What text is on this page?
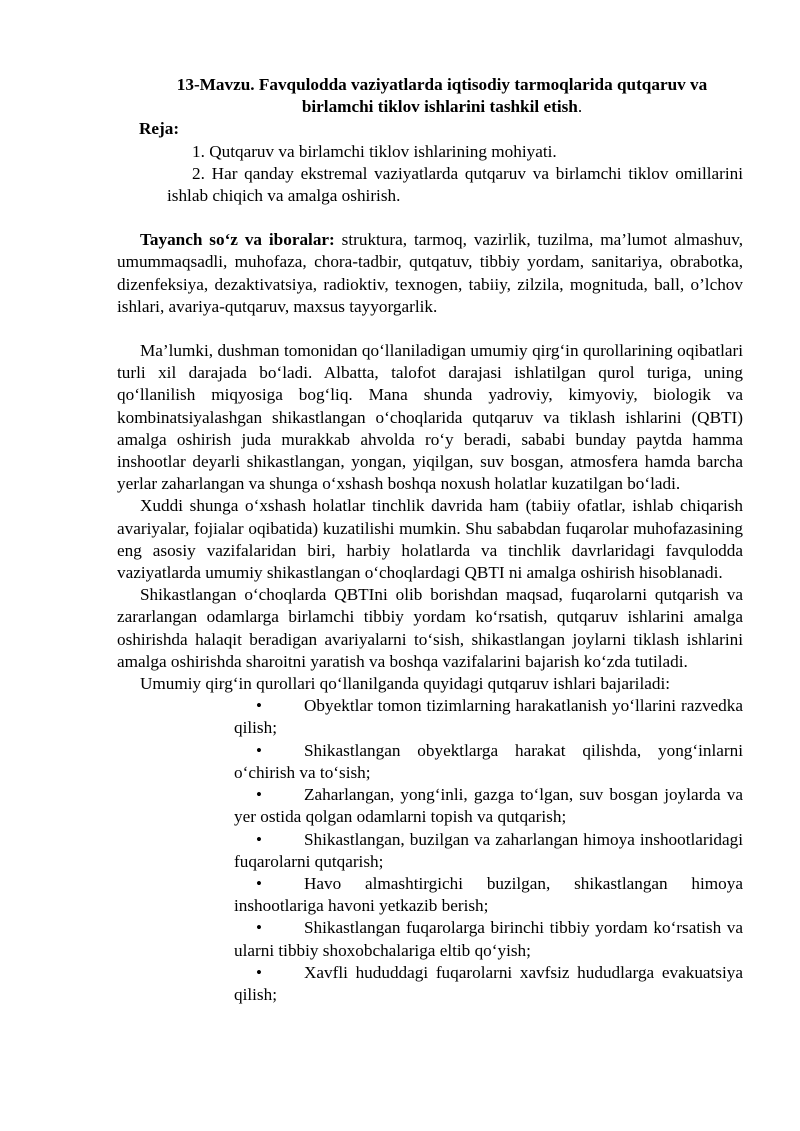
13-Mavzu. Favqulodda vaziyatlarda iqtisodiy tarmoqlarida qutqaruv va birlamchi tiklov ishlarini tashkil etish.

Reja:

1. Qutqaruv va birlamchi tiklov ishlarining mohiyati.

2. Har qanday ekstremal vaziyatlarda qutqaruv va birlamchi tiklov omillarini ishlab chiqich va amalga oshirish.

Tayanch so‘z va iboralar: struktura, tarmoq, vazirlik, tuzilma, ma’lumot almashuv, umummaqsadli, muhofaza, chora-tadbir, qutqatuv, tibbiy yordam, sanitariya, obrabotka, dizenfeksiya, dezaktivatsiya, radioktiv, texnogen, tabiiy, zilzila, mognituda, ball, o’lchov ishlari, avariya-qutqaruv, maxsus tayyorgarlik.

Ma’lumki, dushman tomonidan qo‘llaniladigan umumiy qirg‘in qurollarining oqibatlari turli xil darajada bo‘ladi. Albatta, talofot darajasi ishlatilgan qurol turiga, uning qo‘llanilish miqyosiga bog‘liq. Mana shunda yadroviy, kimyoviy, biologik va kombinatsiyalashgan shikastlangan o‘choqlarida qutqaruv va tiklash ishlarini (QBTI) amalga oshirish juda murakkab ahvolda ro‘y beradi, sababi bunday paytda hamma inshootlar deyarli shikastlangan, yongan, yiqilgan, suv bosgan, atmosfera hamda barcha yerlar zaharlangan va shunga o‘xshash boshqa noxush holatlar kuzatilgan bo‘ladi.

Xuddi shunga o‘xshash holatlar tinchlik davrida ham (tabiiy ofatlar, ishlab chiqarish avariyalar, fojialar oqibatida) kuzatilishi mumkin. Shu sababdan fuqarolar muhofazasining eng asosiy vazifalaridan biri, harbiy holatlarda va tinchlik davrlaridagi favqulodda vaziyatlarda umumiy shikastlangan o‘choqlardagi QBTI ni amalga oshirish hisoblanadi.

Shikastlangan o‘choqlarda QBTIni olib borishdan maqsad, fuqarolarni qutqarish va zararlangan odamlarga birlamchi tibbiy yordam ko‘rsatish, qutqaruv ishlarini amalga oshirishda halaqit beradigan avariyalarni to‘sish, shikastlangan joylarni tiklash ishlarini amalga oshirishda sharoitni yaratish va boshqa vazifalarini bajarish ko‘zda tutiladi.

Umumiy qirg‘in qurollari qo‘llanilganda quyidagi qutqaruv ishlari bajariladi:

• Obyektlar tomon tizimlarning harakatlanish yo‘llarini razvedka qilish;

• Shikastlangan obyektlarga harakat qilishda, yong‘inlarni o‘chirish va to‘sish;

• Zaharlangan, yong‘inli, gazga to‘lgan, suv bosgan joylarda va yer ostida qolgan odamlarni topish va qutqarish;

• Shikastlangan, buzilgan va zaharlangan himoya inshootlaridagi fuqarolarni qutqarish;

• Havo almashtirgichi buzilgan, shikastlangan himoya inshootlariga havoni yetkazib berish;

• Shikastlangan fuqarolarga birinchi tibbiy yordam ko‘rsatish va ularni tibbiy shoxobchalariga eltib qo‘yish;

• Xavfli hududdagi fuqarolarni xavfsiz hududlarga evakuatsiya qilish;
